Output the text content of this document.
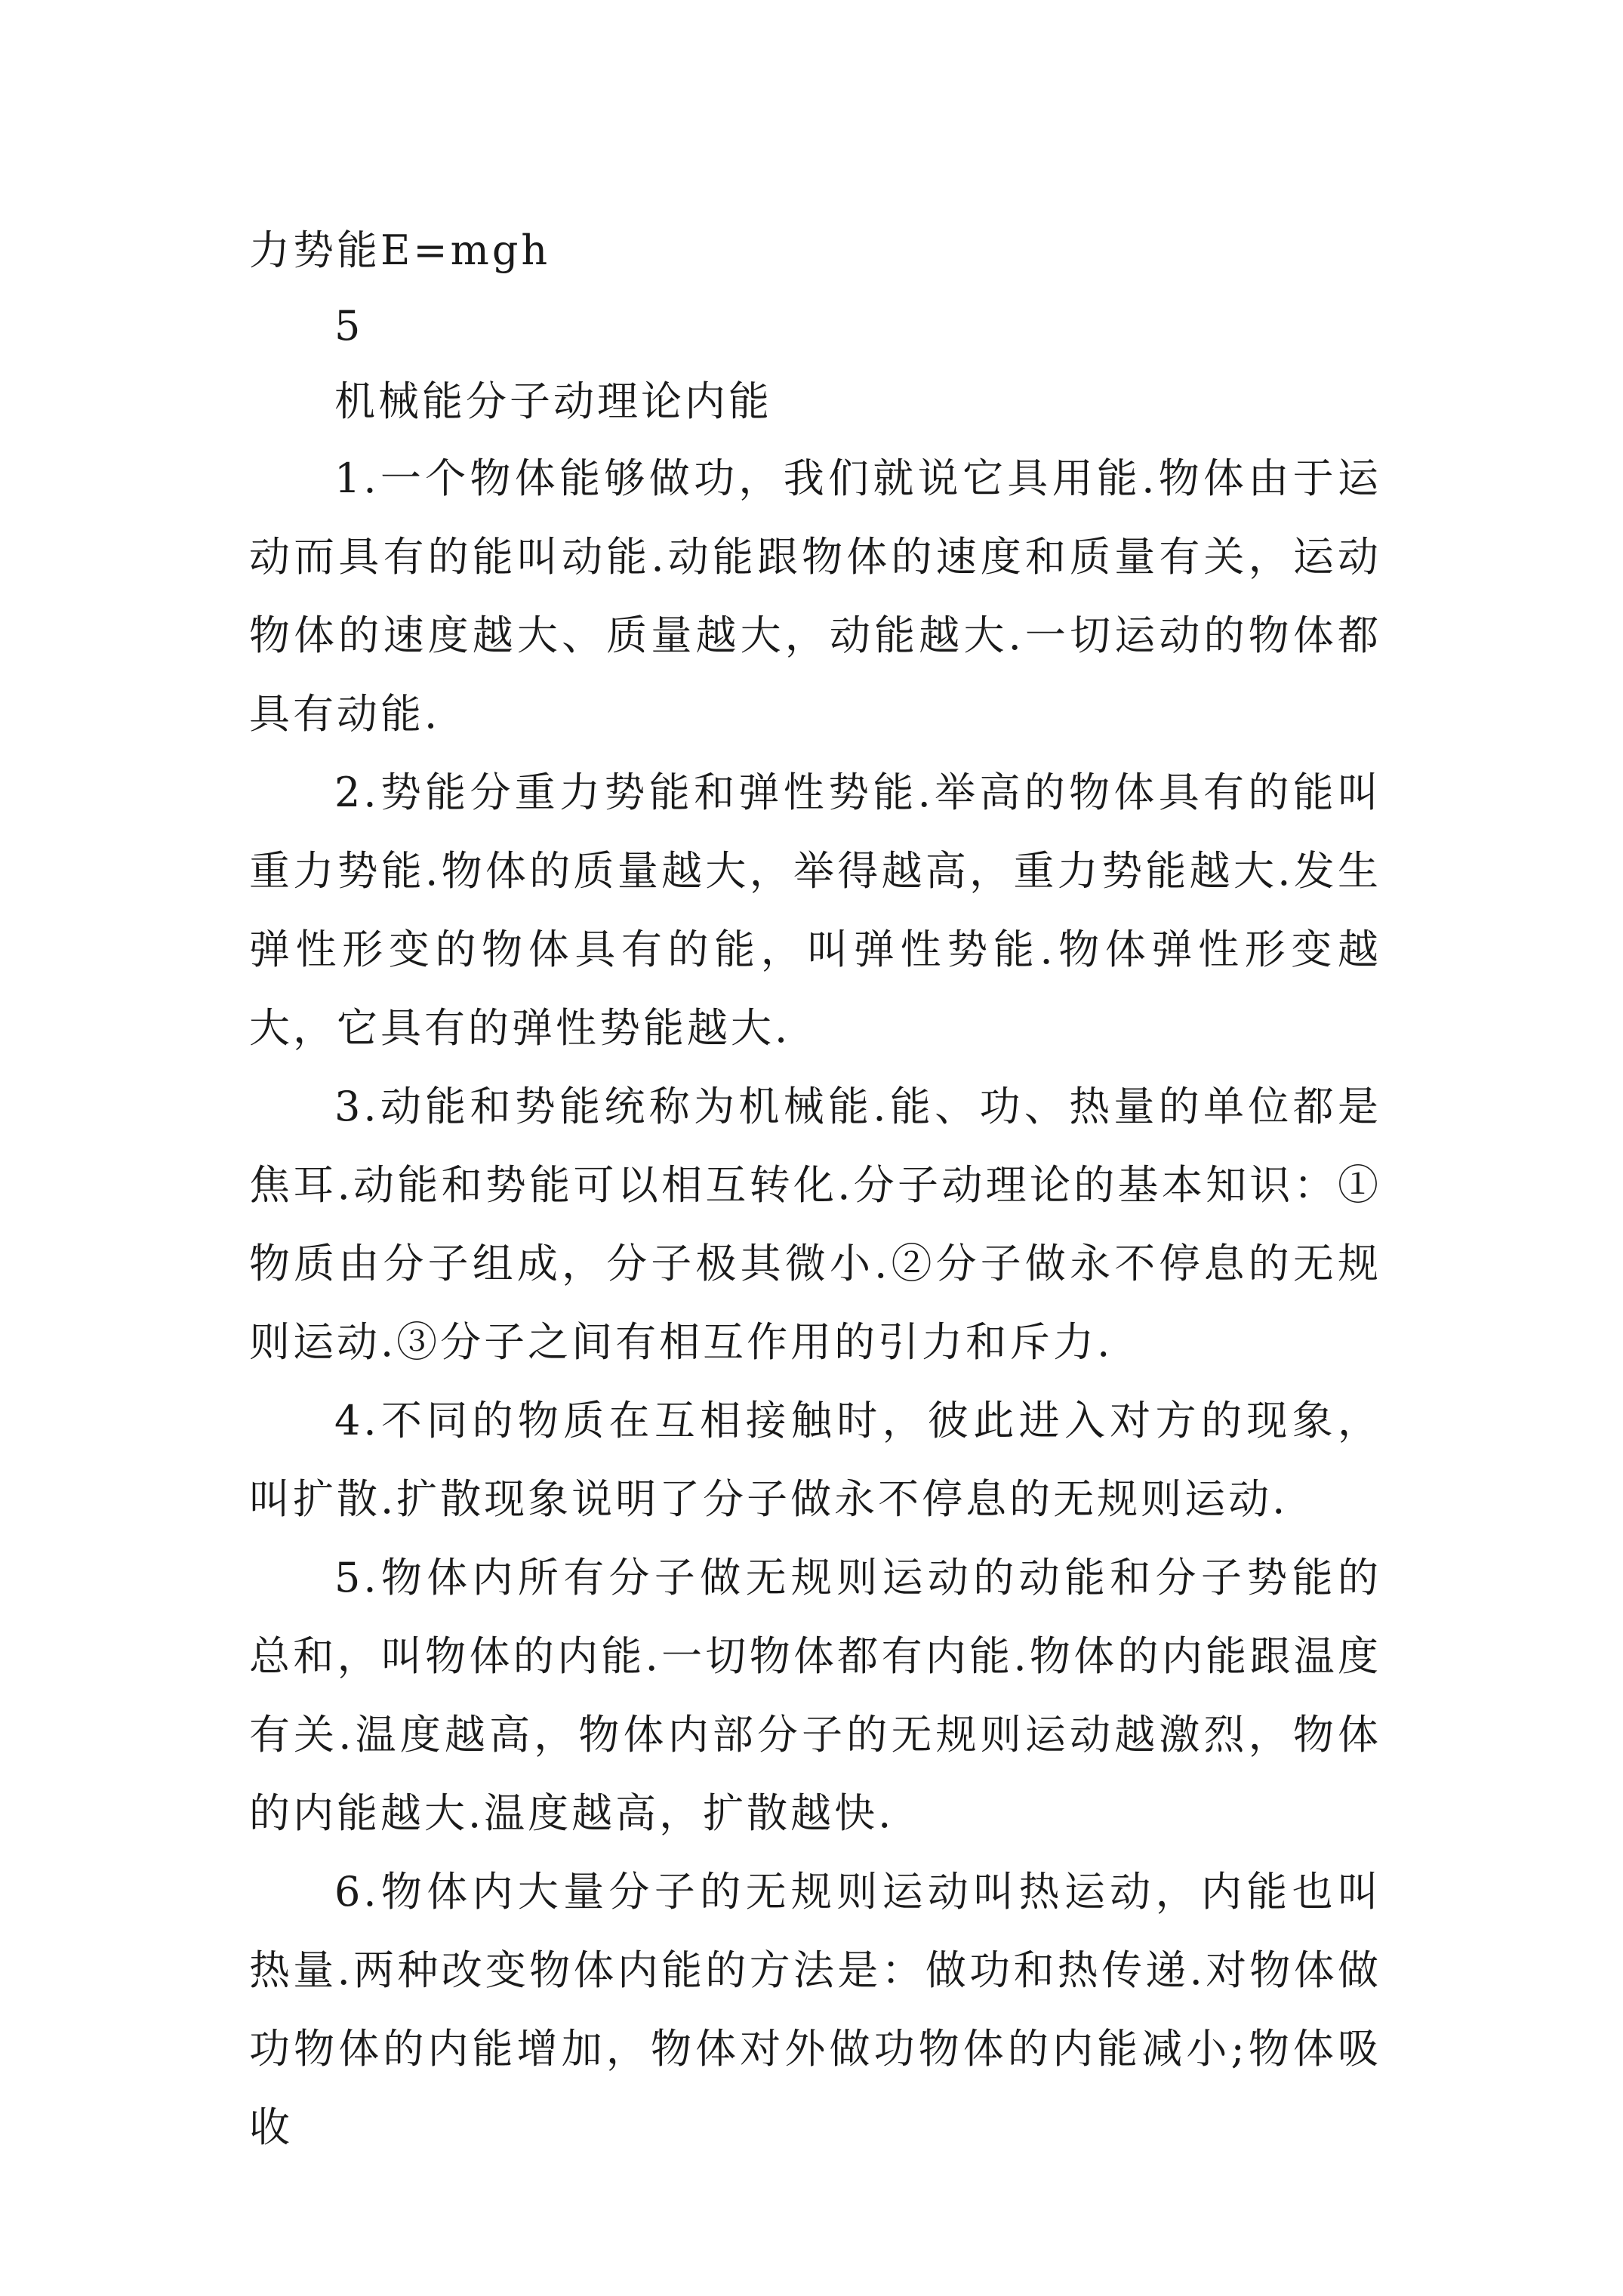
力势能E=mgh
5
机械能分子动理论内能

1.一个物体能够做功，我们就说它具用能.物体由于运动而具有的能叫动能.动能跟物体的速度和质量有关，运动物体的速度越大、质量越大，动能越大.一切运动的物体都具有动能.

2.势能分重力势能和弹性势能.举高的物体具有的能叫重力势能.物体的质量越大，举得越高，重力势能越大.发生弹性形变的物体具有的能，叫弹性势能.物体弹性形变越大，它具有的弹性势能越大.

3.动能和势能统称为机械能.能、功、热量的单位都是焦耳.动能和势能可以相互转化.分子动理论的基本知识：①物质由分子组成，分子极其微小.②分子做永不停息的无规则运动.③分子之间有相互作用的引力和斥力.

4.不同的物质在互相接触时，彼此进入对方的现象，叫扩散.扩散现象说明了分子做永不停息的无规则运动.

5.物体内所有分子做无规则运动的动能和分子势能的总和，叫物体的内能.一切物体都有内能.物体的内能跟温度有关.温度越高，物体内部分子的无规则运动越激烈，物体的内能越大.温度越高，扩散越快.

6.物体内大量分子的无规则运动叫热运动，内能也叫热量.两种改变物体内能的方法是：做功和热传递.对物体做功物体的内能增加，物体对外做功物体的内能减小;物体吸收
